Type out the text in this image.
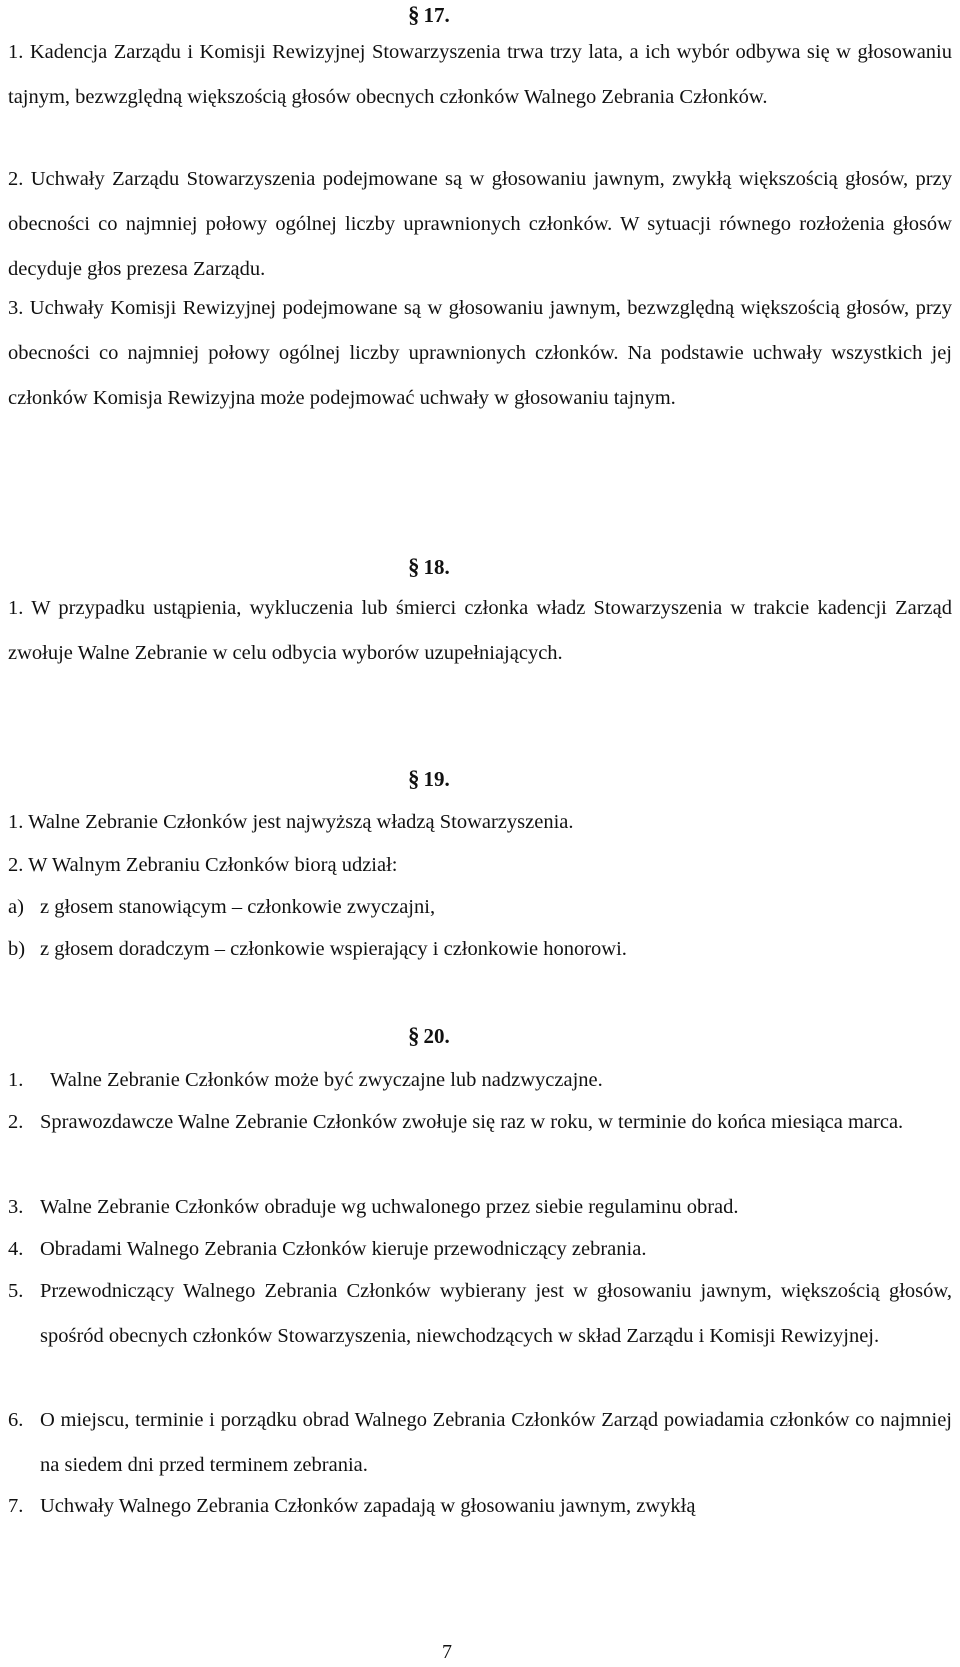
§ 17.

1. Kadencja Zarządu i Komisji Rewizyjnej Stowarzyszenia trwa trzy lata, a ich wybór odbywa się w głosowaniu tajnym, bezwzględną większością głosów obecnych członków Walnego Zebrania Członków.

2. Uchwały Zarządu Stowarzyszenia podejmowane są w głosowaniu jawnym, zwykłą większością głosów, przy obecności co najmniej połowy ogólnej liczby uprawnionych członków. W sytuacji równego rozłożenia głosów decyduje głos prezesa Zarządu.

3. Uchwały Komisji Rewizyjnej podejmowane są w głosowaniu jawnym, bezwzględną większością głosów, przy obecności co najmniej połowy ogólnej liczby uprawnionych członków. Na podstawie uchwały wszystkich jej członków Komisja Rewizyjna może podejmować uchwały w głosowaniu tajnym.

§ 18.

1. W przypadku ustąpienia, wykluczenia lub śmierci członka władz Stowarzyszenia w trakcie kadencji Zarząd zwołuje Walne Zebranie w celu odbycia wyborów uzupełniających.

§ 19.

1. Walne Zebranie Członków jest najwyższą władzą Stowarzyszenia.

2. W Walnym Zebraniu Członków biorą udział:

a) z głosem stanowiącym – członkowie zwyczajni,
b) z głosem doradczym – członkowie wspierający i członkowie honorowi.
§ 20.
1. Walne Zebranie Członków może być zwyczajne lub nadzwyczajne.
2. Sprawozdawcze Walne Zebranie Członków zwołuje się raz w roku, w terminie do końca miesiąca marca.
3. Walne Zebranie Członków obraduje wg uchwalonego przez siebie regulaminu obrad.
4. Obradami Walnego Zebrania Członków kieruje przewodniczący zebrania.
5. Przewodniczący Walnego Zebrania Członków wybierany jest w głosowaniu jawnym, większością głosów, spośród obecnych członków Stowarzyszenia, niewchodzących w skład Zarządu i Komisji Rewizyjnej.
6. O miejscu, terminie i porządku obrad Walnego Zebrania Członków Zarząd powiadamia członków co najmniej na siedem dni przed terminem zebrania.
7. Uchwały Walnego Zebrania Członków zapadają w głosowaniu jawnym, zwykłą
7
